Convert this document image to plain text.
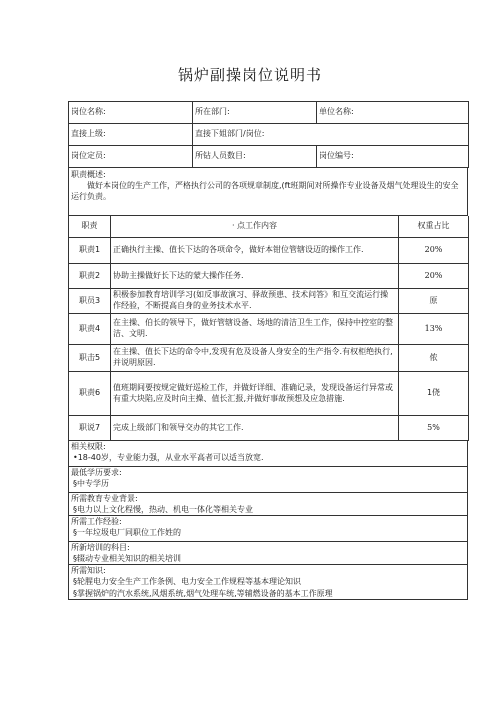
锅炉副操岗位说明书
岗位名称:	所在部门:	单位名称:
直接上级:	直接下姐部门/岗位:	
岗位定员:	所钻人员数目:	岗位编号:
职责概述:
做好本岗位的生产工作，严格执行公司的各项规章制度,(ft班期间对所操作专业设备及烟气处理设生的安全运行负责。
职责	· 点工作内容	权重占比
职责1	正确执行主操、值长下达的各项命令，做好本钳位管辖设迈的操作工作.	20%
职责2	协助主操做好长下达的蒙大操作任务.	20%
职员3	积极参加教育培训学习(如反事故演习、驿故预患、技术问答》和互交流运行操作经验，不断提高自身的业务技术水平.	原
职责4	在主操、伯长的领导下，做好管辖设备、场地的清洁卫生工作，保持中控室的整洁、文明.	13%
职击5	在主操、值长下达的命令中,发现有危及设备人身安全的生产指令.有权柜绝执行,并说明原因.	侬
职责6	值班期间要按规定做好巡检工作，并做好详细、准确记录，发现设备运行异常或有重大块陷,应及时向主操、值长汇报,并做好事故预想及应急措施.	1侥
职说7	完成上级部门和领导交办的其它工作.	5%
相关权限:
•18-40岁，专业能力强，从业水平高者可以适当放宽.
最低学历要求:
§中专学历
所需教育专业背景:
§电力以上文化程慢，热动、机电一体化等相关专业
所需工作经验:
§一年垃圾电厂同职位工作姓的
所新培训的科目:
§辍动专业相关知识的相关培训
所需知识:
§轮腥电力安全生产工作条例、电力安全工作规程等基本理论知识
§掌握锅炉的汽水系统,风烟系统,烟气处理车统,等辅燃设备的基本工作原理
